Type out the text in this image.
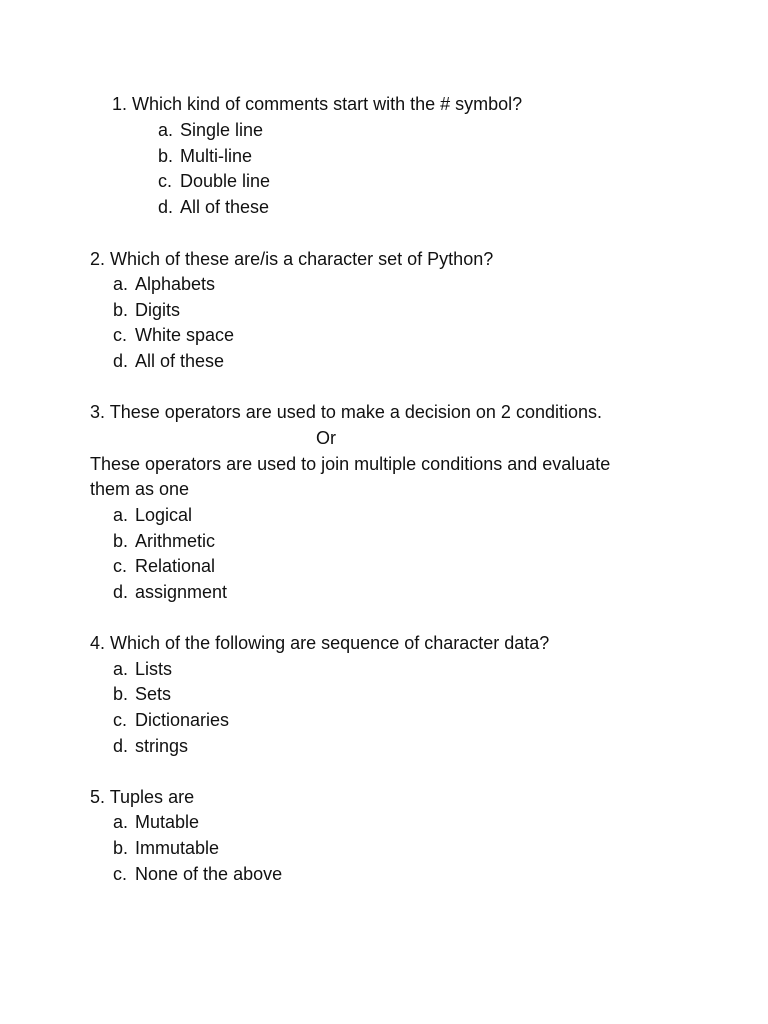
1. Which kind of comments start with the # symbol?
a. Single line
b. Multi-line
c. Double line
d. All of these
2. Which of these are/is a character set of Python?
a. Alphabets
b. Digits
c. White space
d. All of these
3. These operators are used to make a decision on 2 conditions.
Or
These operators are used to join multiple conditions and evaluate
them as one
a. Logical
b. Arithmetic
c. Relational
d. assignment
4. Which of the following are sequence of character data?
a. Lists
b. Sets
c. Dictionaries
d. strings
5. Tuples are
a. Mutable
b. Immutable
c. None of the above
